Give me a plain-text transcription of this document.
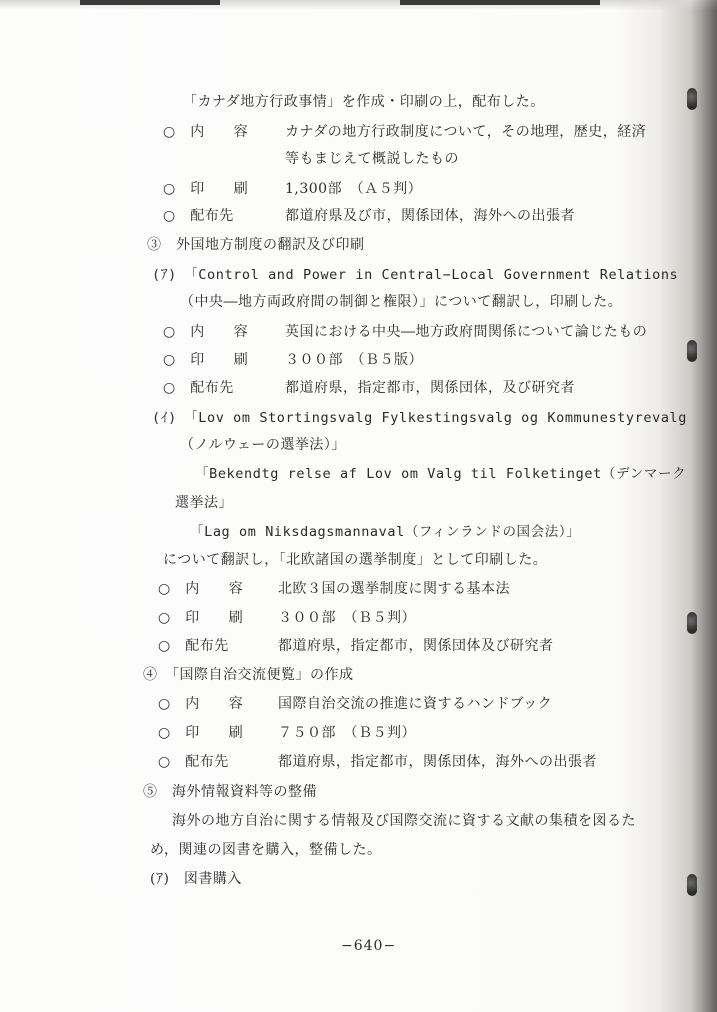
「カナダ地方行政事情」を作成・印刷の上，配布した。
○　内　　容	カナダの地方行政制度について，その地理，歴史，経済
等もまじえて概説したもの
○　印　　刷	1,300部　（Ａ５判）
○　配布先	都道府県及び市，関係団体，海外への出張者
③　外国地方制度の翻訳及び印刷
(ｱ)　「Control and Power in Central−Local Government Relations
（中央―地方両政府間の制御と権限）」について翻訳し，印刷した。
○　内　　容	英国における中央―地方政府間関係について論じたもの
○　印　　刷	３００部　（Ｂ５版）
○　配布先	都道府県，指定都市，関係団体，及び研究者
(ｲ)　「Lov om Stortingsvalg Fylkestingsvalg og Kommunestyrevalg
（ノルウェーの選挙法）」
「Bekendtg relse af Lov om Valg til Folketinget（デンマーク
選挙法」
「Lag om Niksdagsmannaval（フィンランドの国会法）」
について翻訳し，「北欧諸国の選挙制度」として印刷した。
○　内　　容 北欧３国の選挙制度に関する基本法
○　印　　刷 ３００部　（Ｂ５判）
○　配布先	都道府県，指定都市，関係団体及び研究者
④　「国際自治交流便覧」の作成
○　内　　容 国際自治交流の推進に資するハンドブック
○　印　　刷 ７５０部　（Ｂ５判）
○　配布先	都道府県，指定都市，関係団体，海外への出張者
⑤　海外情報資料等の整備
海外の地方自治に関する情報及び国際交流に資する文献の集積を図るた
め，関連の図書を購入，整備した。
(ｱ)　図書購入
−640−
